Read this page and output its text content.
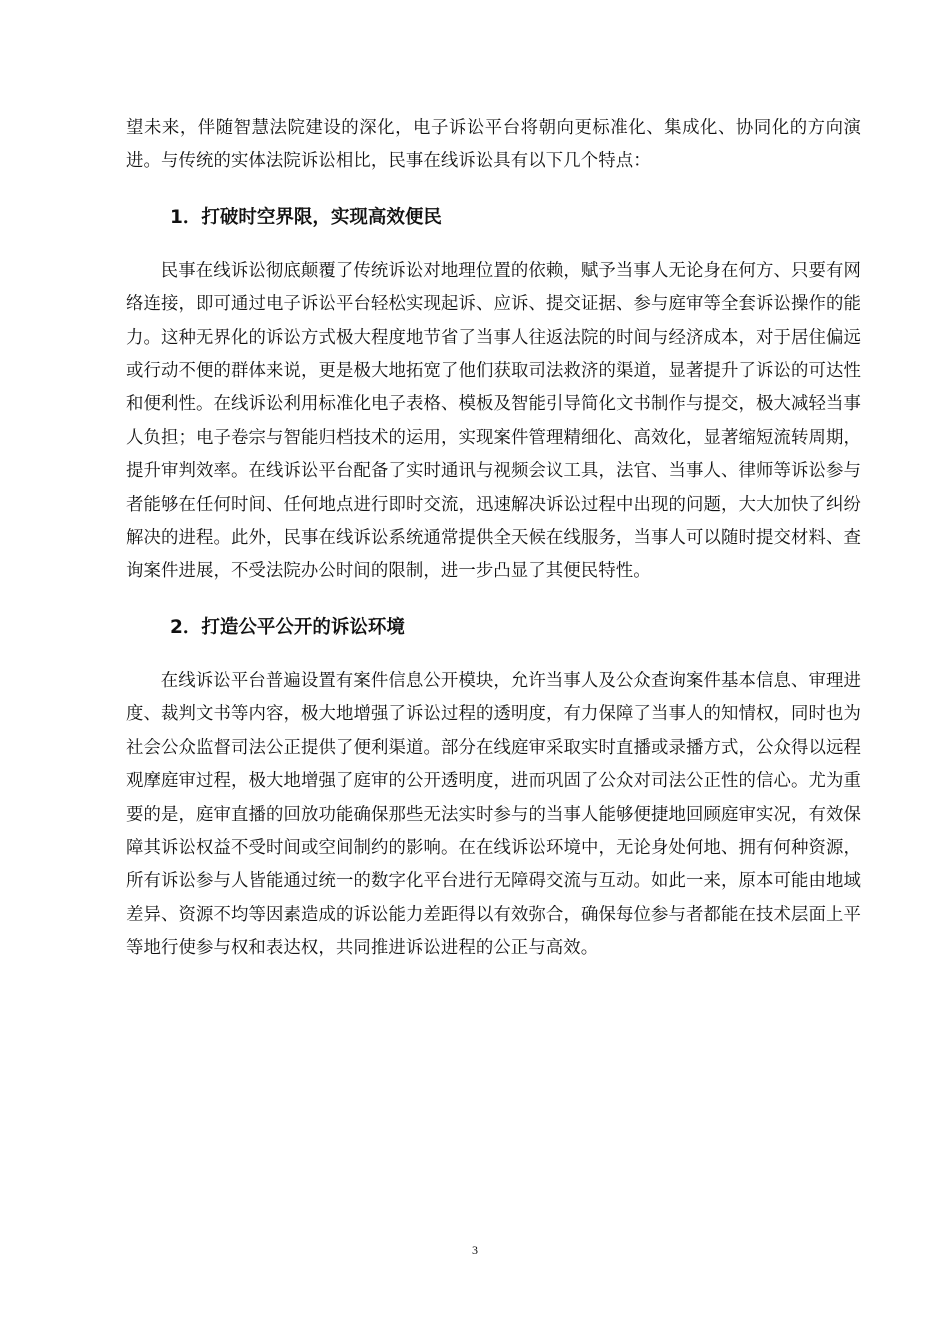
望未来，伴随智慧法院建设的深化，电子诉讼平台将朝向更标准化、集成化、协同化的方向演进。与传统的实体法院诉讼相比，民事在线诉讼具有以下几个特点：

1．打破时空界限，实现高效便民

民事在线诉讼彻底颠覆了传统诉讼对地理位置的依赖，赋予当事人无论身在何方、只要有网络连接，即可通过电子诉讼平台轻松实现起诉、应诉、提交证据、参与庭审等全套诉讼操作的能力。这种无界化的诉讼方式极大程度地节省了当事人往返法院的时间与经济成本，对于居住偏远或行动不便的群体来说，更是极大地拓宽了他们获取司法救济的渠道，显著提升了诉讼的可达性和便利性。在线诉讼利用标准化电子表格、模板及智能引导简化文书制作与提交，极大减轻当事人负担；电子卷宗与智能归档技术的运用，实现案件管理精细化、高效化，显著缩短流转周期，提升审判效率。在线诉讼平台配备了实时通讯与视频会议工具，法官、当事人、律师等诉讼参与者能够在任何时间、任何地点进行即时交流，迅速解决诉讼过程中出现的问题，大大加快了纠纷解决的进程。此外，民事在线诉讼系统通常提供全天候在线服务，当事人可以随时提交材料、查询案件进展，不受法院办公时间的限制，进一步凸显了其便民特性。

2．打造公平公开的诉讼环境

在线诉讼平台普遍设置有案件信息公开模块，允许当事人及公众查询案件基本信息、审理进度、裁判文书等内容，极大地增强了诉讼过程的透明度，有力保障了当事人的知情权，同时也为社会公众监督司法公正提供了便利渠道。部分在线庭审采取实时直播或录播方式，公众得以远程观摩庭审过程，极大地增强了庭审的公开透明度，进而巩固了公众对司法公正性的信心。尤为重要的是，庭审直播的回放功能确保那些无法实时参与的当事人能够便捷地回顾庭审实况，有效保障其诉讼权益不受时间或空间制约的影响。在在线诉讼环境中，无论身处何地、拥有何种资源，所有诉讼参与人皆能通过统一的数字化平台进行无障碍交流与互动。如此一来，原本可能由地域差异、资源不均等因素造成的诉讼能力差距得以有效弥合，确保每位参与者都能在技术层面上平等地行使参与权和表达权，共同推进诉讼进程的公正与高效。

3
